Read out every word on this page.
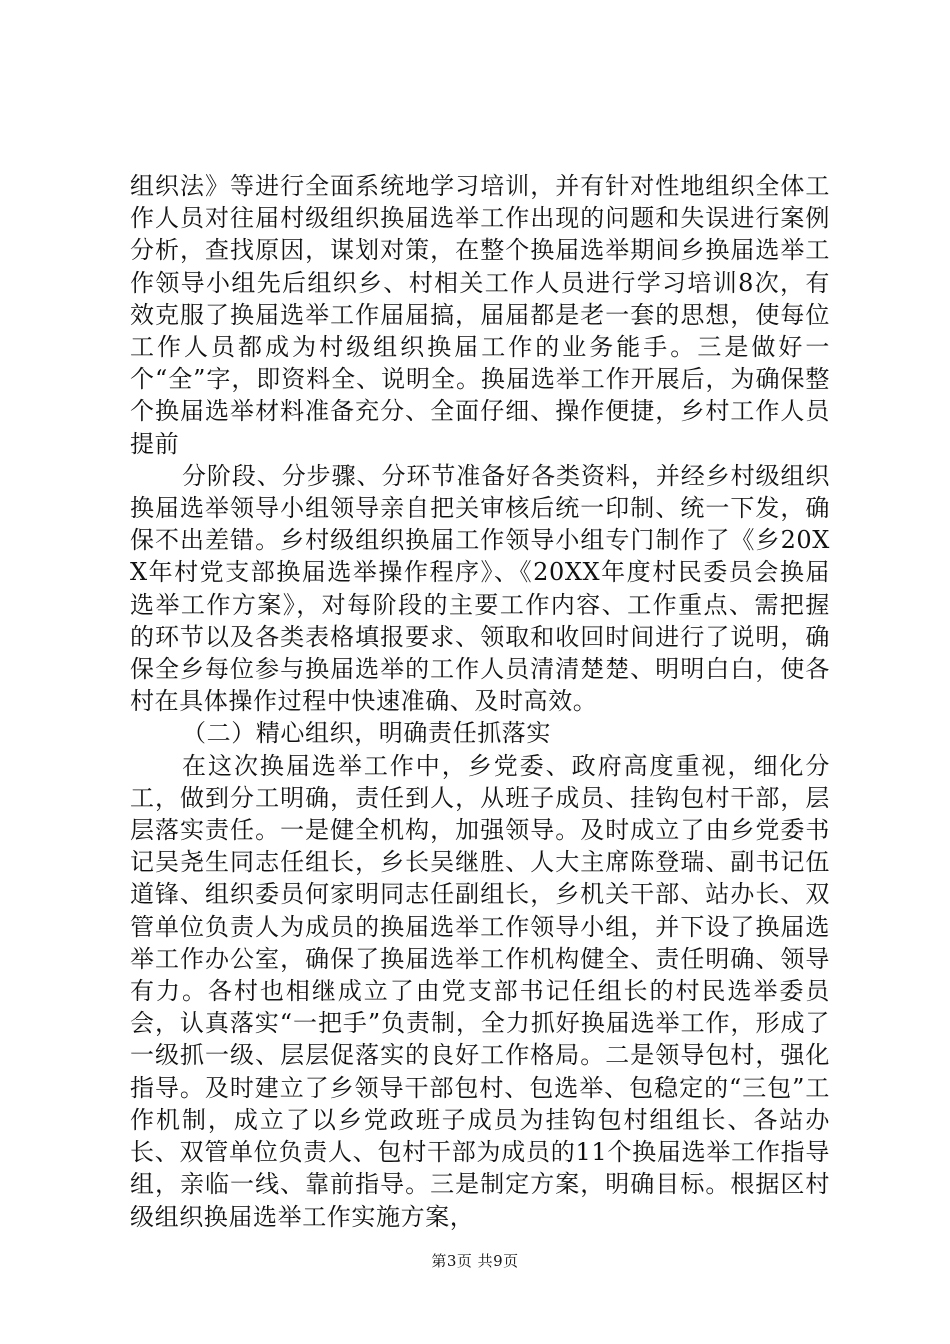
组织法》等进行全面系统地学习培训，并有针对性地组织全体工作人员对往届村级组织换届选举工作出现的问题和失误进行案例分析，查找原因，谋划对策，在整个换届选举期间乡换届选举工作领导小组先后组织乡、村相关工作人员进行学习培训8次，有效克服了换届选举工作届届搞，届届都是老一套的思想，使每位工作人员都成为村级组织换届工作的业务能手。三是做好一个“全”字，即资料全、说明全。换届选举工作开展后，为确保整个换届选举材料准备充分、全面仔细、操作便捷，乡村工作人员提前

分阶段、分步骤、分环节准备好各类资料，并经乡村级组织换届选举领导小组领导亲自把关审核后统一印制、统一下发，确保不出差错。乡村级组织换届工作领导小组专门制作了《乡20XX年村党支部换届选举操作程序》、《20XX年度村民委员会换届选举工作方案》，对每阶段的主要工作内容、工作重点、需把握的环节以及各类表格填报要求、领取和收回时间进行了说明，确保全乡每位参与换届选举的工作人员清清楚楚、明明白白，使各村在具体操作过程中快速准确、及时高效。

（二）精心组织，明确责任抓落实

在这次换届选举工作中，乡党委、政府高度重视，细化分工，做到分工明确，责任到人，从班子成员、挂钩包村干部，层层落实责任。一是健全机构，加强领导。及时成立了由乡党委书记吴尧生同志任组长，乡长吴继胜、人大主席陈登瑞、副书记伍道锋、组织委员何家明同志任副组长，乡机关干部、站办长、双管单位负责人为成员的换届选举工作领导小组，并下设了换届选举工作办公室，确保了换届选举工作机构健全、责任明确、领导有力。各村也相继成立了由党支部书记任组长的村民选举委员会，认真落实“一把手”负责制，全力抓好换届选举工作，形成了一级抓一级、层层促落实的良好工作格局。二是领导包村，强化指导。及时建立了乡领导干部包村、包选举、包稳定的“三包”工作机制，成立了以乡党政班子成员为挂钩包村组组长、各站办长、双管单位负责人、包村干部为成员的11个换届选举工作指导组，亲临一线、靠前指导。三是制定方案，明确目标。根据区村级组织换届选举工作实施方案，

第3页 共9页
